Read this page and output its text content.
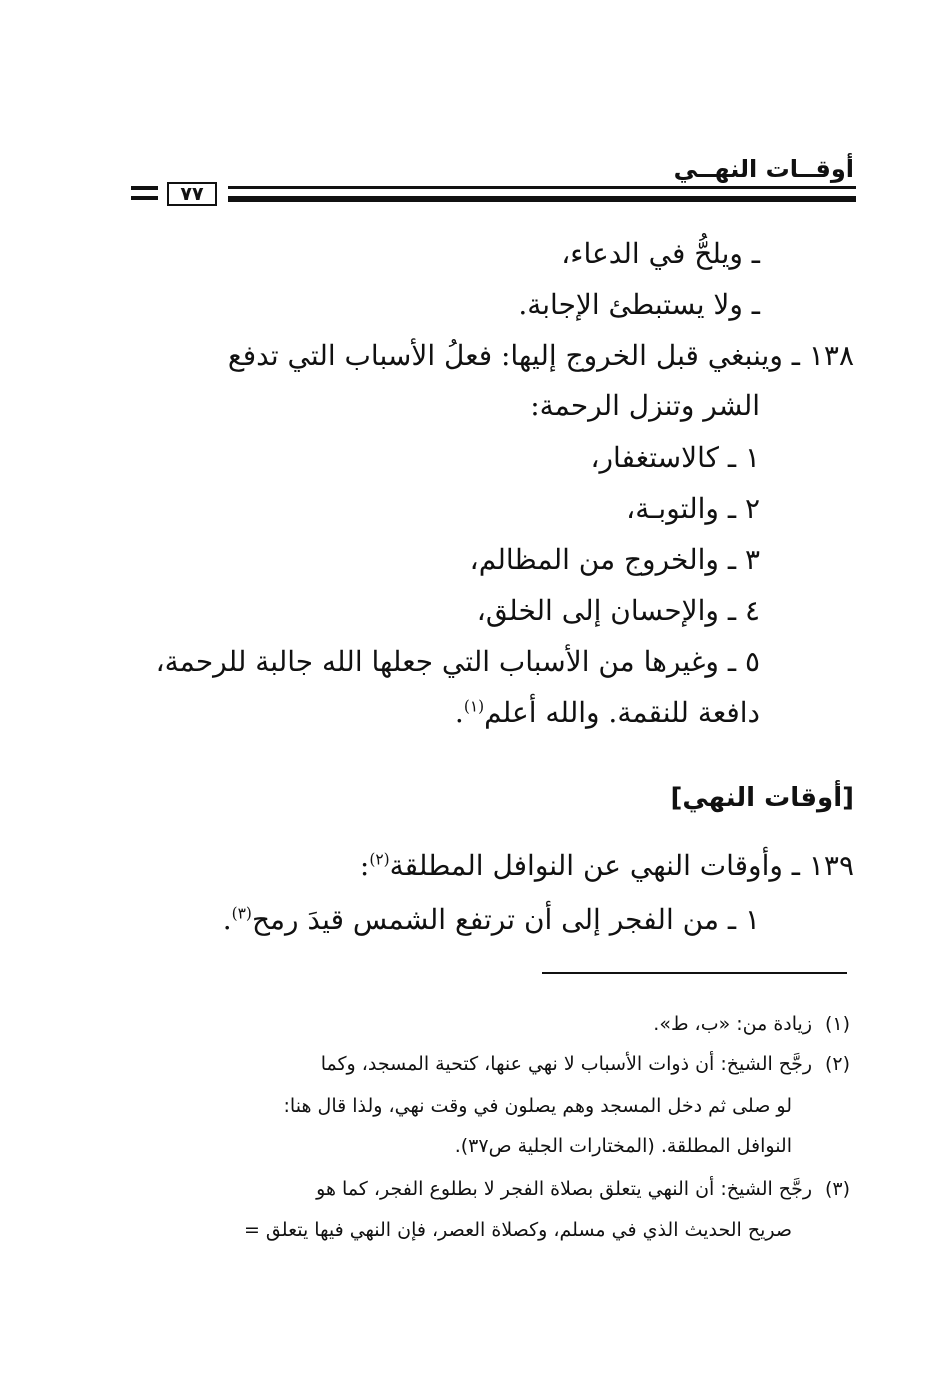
أوقــات النهــي
٧٧
ـ ويلحُّ في الدعاء،
ـ ولا يستبطئ الإجابة.
١٣٨ ـ وينبغي قبل الخروج إليها: فعلُ الأسباب التي تدفع
الشر وتنزل الرحمة:
١ ـ كالاستغفار،
٢ ـ والتوبـة،
٣ ـ والخروج من المظالم،
٤ ـ والإحسان إلى الخلق،
٥ ـ وغيرها من الأسباب التي جعلها الله جالبة للرحمة،
دافعة للنقمة. والله أعلم$^{(١)}$.
[أوقات النهي]
١٣٩ ـ وأوقات النهي عن النوافل المطلقة$^{(٢)}$:
١ ـ من الفجر إلى أن ترتفع الشمس قيدَ رمح$^{(٣)}$.
(١)زيادة من: «ب، ط».
(٢)رجَّح الشيخ: أن ذوات الأسباب لا نهي عنها، كتحية المسجد، وكما
لو صلى ثم دخل المسجد وهم يصلون في وقت نهي، ولذا قال هنا:
النوافل المطلقة. (المختارات الجلية ص٣٧).
(٣)رجَّح الشيخ: أن النهي يتعلق بصلاة الفجر لا بطلوع الفجر، كما هو
صريح الحديث الذي في مسلم، وكصلاة العصر، فإن النهي فيها يتعلق =
